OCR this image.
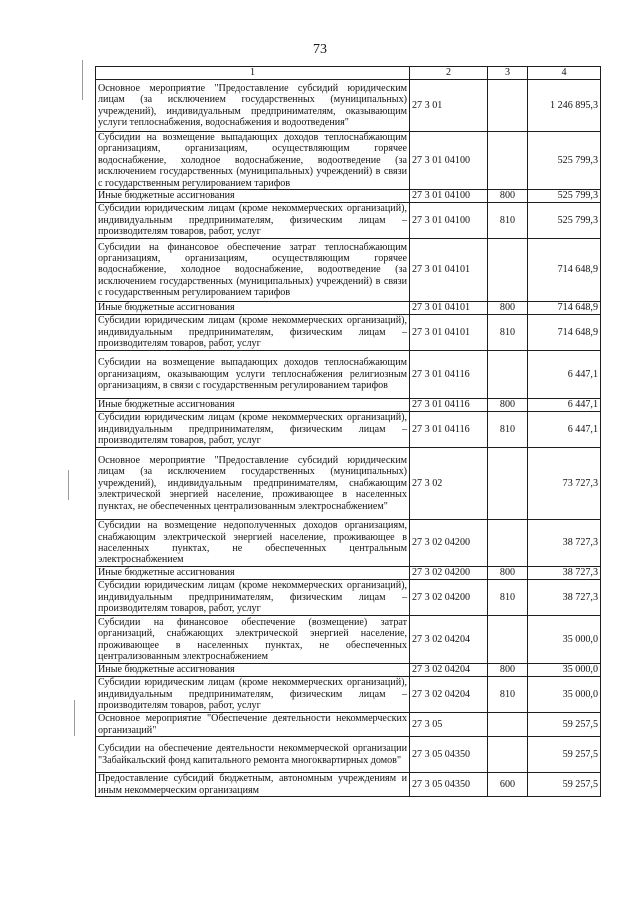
73
1	2	3	4
Основное мероприятие "Предоставление субсидий юридическим лицам (за исключением государственных (муниципальных) учреждений), индивидуальным предпринимателям, оказывающим услуги теплоснабжения, водоснабжения и водоотведения"	27 3 01		1 246 895,3
Субсидии на возмещение выпадающих доходов теплоснабжающим организациям, организациям, осуществляющим горячее водоснабжение, холодное водоснабжение, водоотведение (за исключением государственных (муниципальных) учреждений) в связи с государственным регулированием тарифов	27 3 01 04100		525 799,3
Иные бюджетные ассигнования	27 3 01 04100	800	525 799,3
Субсидии юридическим лицам (кроме некоммерческих организаций), индивидуальным предпринимателям, физическим лицам – производителям товаров, работ, услуг	27 3 01 04100	810	525 799,3
Субсидии на финансовое обеспечение затрат теплоснабжающим организациям, организациям, осуществляющим горячее водоснабжение, холодное водоснабжение, водоотведение (за исключением государственных (муниципальных) учреждений) в связи с государственным регулированием тарифов	27 3 01 04101		714 648,9
Иные бюджетные ассигнования	27 3 01 04101	800	714 648,9
Субсидии юридическим лицам (кроме некоммерческих организаций), индивидуальным предпринимателям, физическим лицам – производителям товаров, работ, услуг	27 3 01 04101	810	714 648,9
Субсидии на возмещение выпадающих доходов теплоснабжающим организациям, оказывающим услуги теплоснабжения религиозным организациям, в связи с государственным регулированием тарифов	27 3 01 04116		6 447,1
Иные бюджетные ассигнования	27 3 01 04116	800	6 447,1
Субсидии юридическим лицам (кроме некоммерческих организаций), индивидуальным предпринимателям, физическим лицам – производителям товаров, работ, услуг	27 3 01 04116	810	6 447,1
Основное мероприятие "Предоставление субсидий юридическим лицам (за исключением государственных (муниципальных) учреждений), индивидуальным предпринимателям, снабжающим электрической энергией население, проживающее в населенных пунктах, не обеспеченных централизованным электроснабжением"	27 3 02		73 727,3
Субсидии на возмещение недополученных доходов организациям, снабжающим электрической энергией население, проживающее в населенных пунктах, не обеспеченных центральным электроснабжением	27 3 02 04200		38 727,3
Иные бюджетные ассигнования	27 3 02 04200	800	38 727,3
Субсидии юридическим лицам (кроме некоммерческих организаций), индивидуальным предпринимателям, физическим лицам – производителям товаров, работ, услуг	27 3 02 04200	810	38 727,3
Субсидии на финансовое обеспечение (возмещение) затрат организаций, снабжающих электрической энергией население, проживающее в населенных пунктах, не обеспеченных централизованным электроснабжением	27 3 02 04204		35 000,0
Иные бюджетные ассигнования	27 3 02 04204	800	35 000,0
Субсидии юридическим лицам (кроме некоммерческих организаций), индивидуальным предпринимателям, физическим лицам – производителям товаров, работ, услуг	27 3 02 04204	810	35 000,0
Основное мероприятие "Обеспечение деятельности некоммерческих организаций"	27 3 05		59 257,5
Субсидии на обеспечение деятельности некоммерческой организации "Забайкальский фонд капитального ремонта многоквартирных домов"	27 3 05 04350		59 257,5
Предоставление субсидий бюджетным, автономным учреждениям и иным некоммерческим организациям	27 3 05 04350	600	59 257,5
